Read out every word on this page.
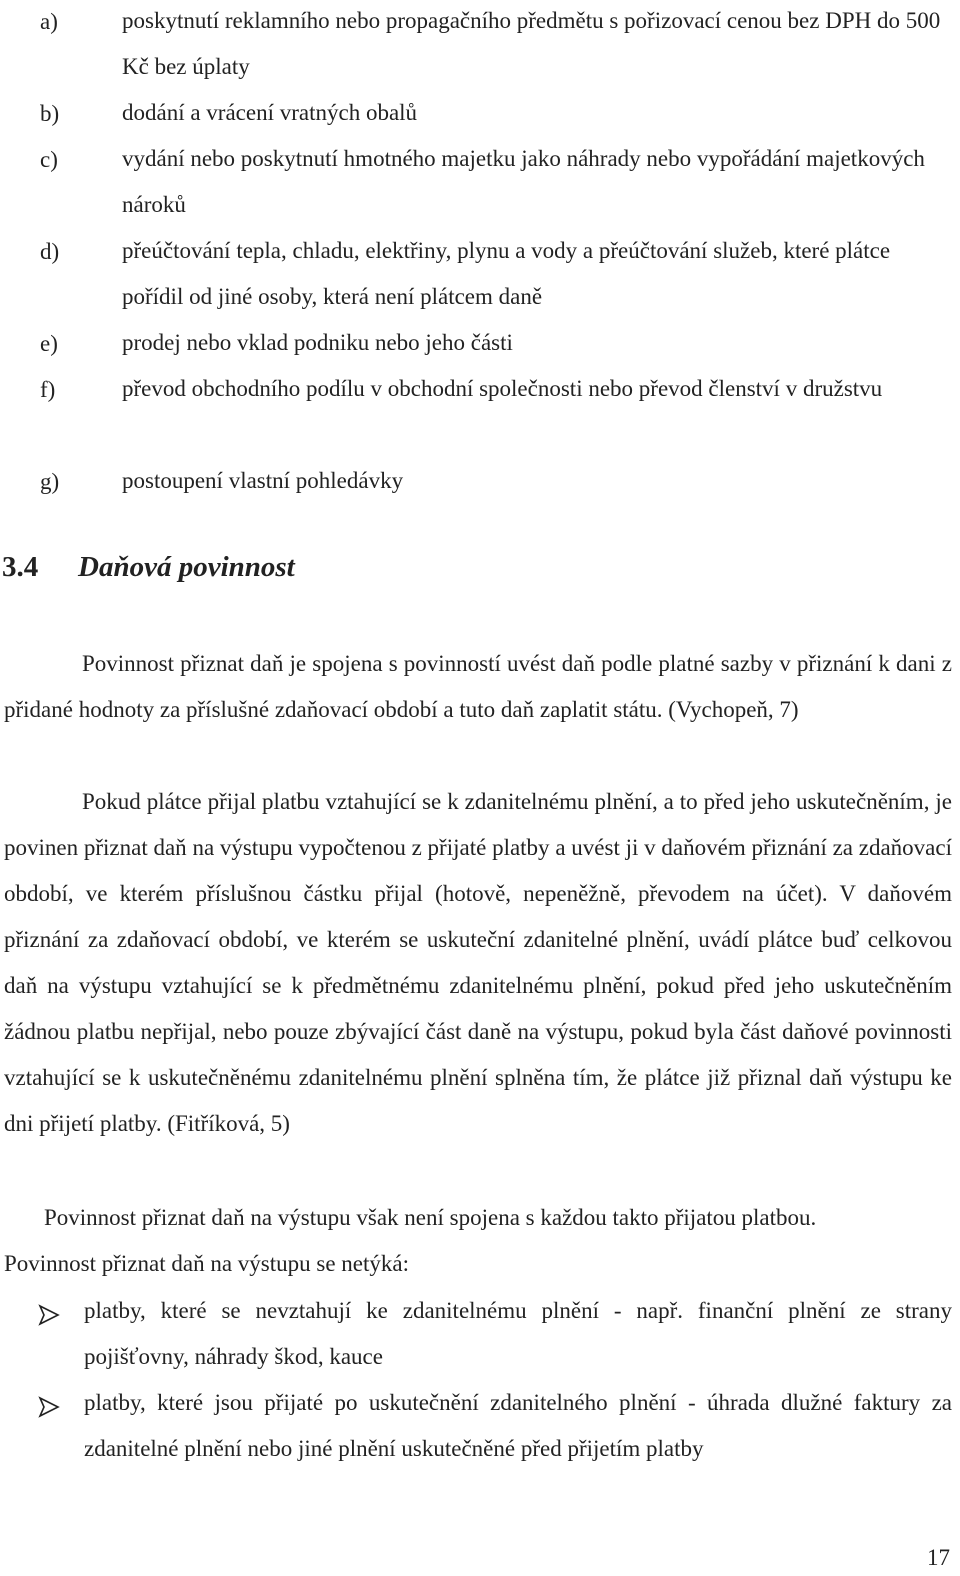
a)	poskytnutí reklamního nebo propagačního předmětu s pořizovací cenou bez DPH do 500 Kč bez úplaty
b)	dodání a vrácení vratných obalů
c)	vydání nebo poskytnutí hmotného majetku jako náhrady nebo vypořádání majetkových nároků
d)	přeúčtování tepla, chladu, elektřiny, plynu a vody a přeúčtování služeb, které plátce pořídil od jiné osoby, která není plátcem daně
e)	prodej nebo vklad podniku nebo jeho části
f)	převod obchodního podílu v obchodní společnosti nebo převod členství v družstvu
g)	postoupení vlastní pohledávky
3.4 Daňová povinnost
Povinnost přiznat daň je spojena s povinností uvést daň podle platné sazby v přiznání k dani z přidané hodnoty za příslušné zdaňovací období a tuto daň zaplatit státu. (Vychopeň, 7)
Pokud plátce přijal platbu vztahující se k zdanitelnému plnění, a to před jeho uskutečněním, je povinen přiznat daň na výstupu vypočtenou z přijaté platby a uvést ji v daňovém přiznání za zdaňovací období, ve kterém příslušnou částku přijal (hotově, nepeněžně, převodem na účet). V daňovém přiznání za zdaňovací období, ve kterém se uskuteční zdanitelné plnění, uvádí plátce buď celkovou daň na výstupu vztahující se k předmětnému zdanitelnému plnění, pokud před jeho uskutečněním žádnou platbu nepřijal, nebo pouze zbývající část daně na výstupu, pokud byla část daňové povinnosti vztahující se k uskutečněnému zdanitelnému plnění splněna tím, že plátce již přiznal daň výstupu ke dni přijetí platby. (Fitříková, 5)
Povinnost přiznat daň na výstupu však není spojena s každou takto přijatou platbou.
Povinnost přiznat daň na výstupu se netýká:
platby, které se nevztahují ke zdanitelnému plnění - např. finanční plnění ze strany pojišťovny, náhrady škod, kauce
platby, které jsou přijaté po uskutečnění zdanitelného plnění - úhrada dlužné faktury za zdanitelné plnění nebo jiné plnění uskutečněné před přijetím platby
17
